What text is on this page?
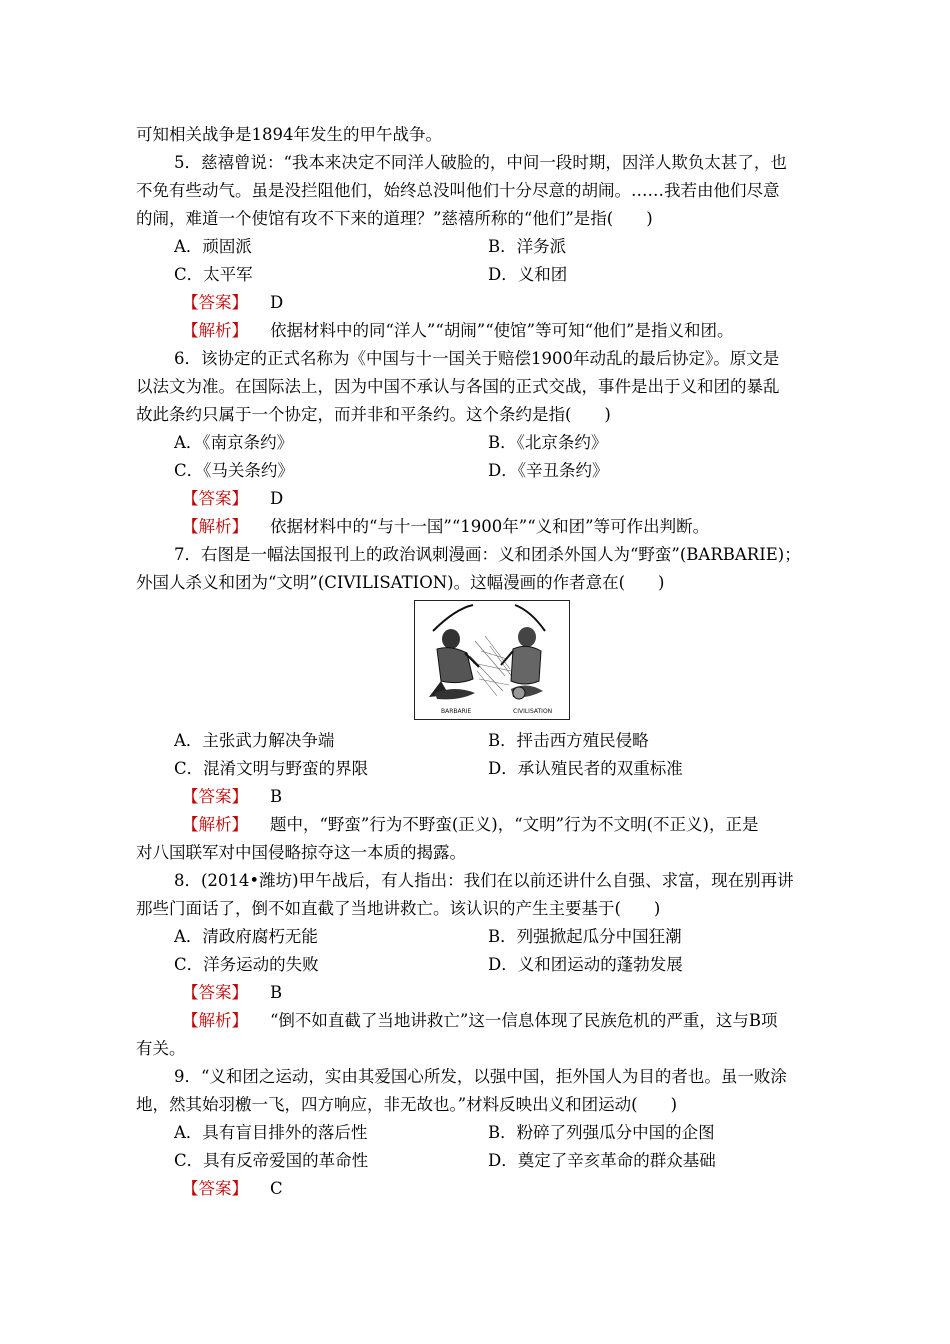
可知相关战争是1894年发生的甲午战争。
5．慈禧曾说：“我本来决定不同洋人破脸的，中间一段时期，因洋人欺负太甚了，也
不免有些动气。虽是没拦阻他们，始终总没叫他们十分尽意的胡闹。……我若由他们尽意
的闹，难道一个使馆有攻不下来的道理？”慈禧所称的“他们”是指(　　)
A．顽固派	B．洋务派
C．太平军	D．义和团
【答案】 D
【解析】 依据材料中的同“洋人”“胡闹”“使馆”等可知“他们”是指义和团。
6．该协定的正式名称为《中国与十一国关于赔偿1900年动乱的最后协定》。原文是
以法文为准。在国际法上，因为中国不承认与各国的正式交战，事件是出于义和团的暴乱
故此条约只属于一个协定，而并非和平条约。这个条约是指(　　)
A．《南京条约》	B．《北京条约》
C．《马关条约》	D．《辛丑条约》
【答案】 D
【解析】 依据材料中的“与十一国”“1900年”“义和团”等可作出判断。
7．右图是一幅法国报刊上的政治讽刺漫画：义和团杀外国人为“野蛮”(BARBARIE)；
外国人杀义和团为“文明”(CIVILISATION)。这幅漫画的作者意在(　　)
BARBARIE	CIVILISATION
A．主张武力解决争端	B．抨击西方殖民侵略
C．混淆文明与野蛮的界限	D．承认殖民者的双重标准
【答案】 B
【解析】 题中，“野蛮”行为不野蛮(正义)，“文明”行为不文明(不正义)，正是
对八国联军对中国侵略掠夺这一本质的揭露。
8．(2014•潍坊)甲午战后，有人指出：我们在以前还讲什么自强、求富，现在别再讲
那些门面话了，倒不如直截了当地讲救亡。该认识的产生主要基于(　　)
A．清政府腐朽无能	B．列强掀起瓜分中国狂潮
C．洋务运动的失败	D．义和团运动的蓬勃发展
【答案】 B
【解析】 “倒不如直截了当地讲救亡”这一信息体现了民族危机的严重，这与B项
有关。
9．“义和团之运动，实由其爱国心所发，以强中国，拒外国人为目的者也。虽一败涂
地，然其始羽檄一飞，四方响应，非无故也。”材料反映出义和团运动(　　)
A．具有盲目排外的落后性	B．粉碎了列强瓜分中国的企图
C．具有反帝爱国的革命性	D．奠定了辛亥革命的群众基础
【答案】 C
